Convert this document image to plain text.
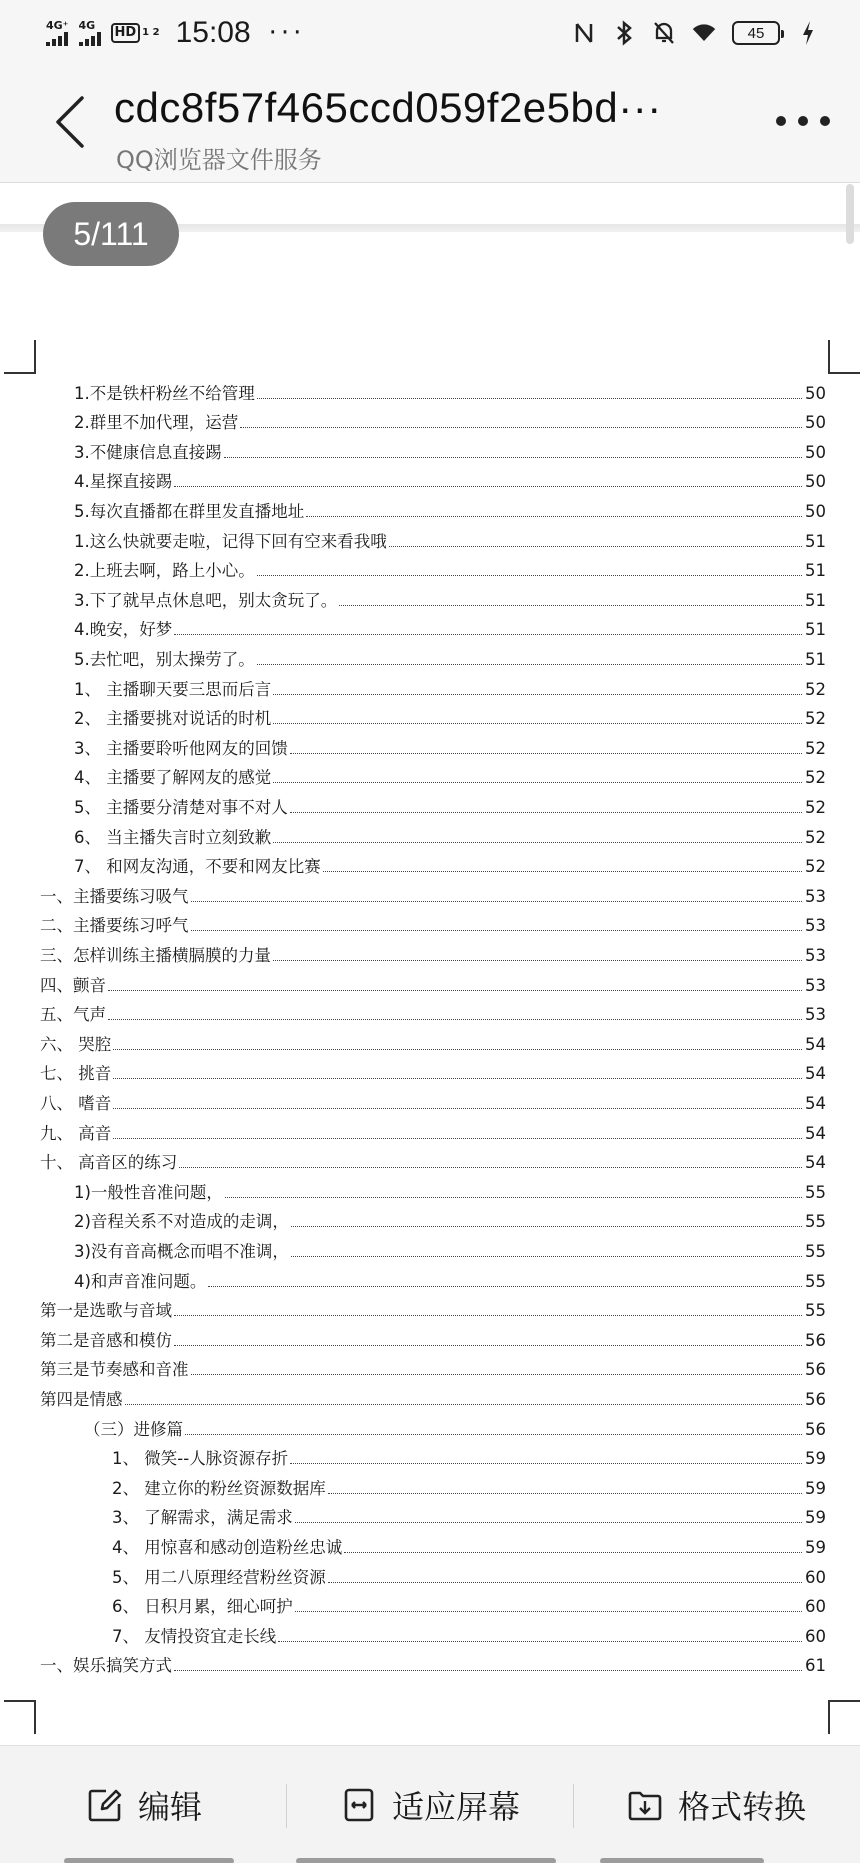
4G⁺ 4G	HD 1 2 15:08 ···	45
cdc8f57f465ccd059f2e5bd···
QQ浏览器文件服务
5/111
1.不是铁杆粉丝不给管理	50
2.群里不加代理，运营	50
3.不健康信息直接踢	50
4.星探直接踢	50
5.每次直播都在群里发直播地址	50
1.这么快就要走啦，记得下回有空来看我哦	51
2.上班去啊，路上小心。	51
3.下了就早点休息吧，别太贪玩了。	51
4.晚安，好梦	51
5.去忙吧，别太操劳了。	51
1、 主播聊天要三思而后言	52
2、 主播要挑对说话的时机	52
3、 主播要聆听他网友的回馈	52
4、 主播要了解网友的感觉	52
5、 主播要分清楚对事不对人	52
6、 当主播失言时立刻致歉	52
7、 和网友沟通，不要和网友比赛	52
一、主播要练习吸气	53
二、主播要练习呼气	53
三、怎样训练主播横膈膜的力量	53
四、颤音	53
五、气声	53
六、 哭腔	54
七、 挑音	54
八、 嗜音	54
九、 高音	54
十、 高音区的练习	54
1)一般性音准问题，	55
2)音程关系不对造成的走调，	55
3)没有音高概念而唱不准调，	55
4)和声音准问题。	55
第一是选歌与音域	55
第二是音感和模仿	56
第三是节奏感和音准	56
第四是情感	56
（三）进修篇	56
1、 微笑--人脉资源存折	59
2、 建立你的粉丝资源数据库	59
3、 了解需求，满足需求	59
4、 用惊喜和感动创造粉丝忠诚	59
5、 用二八原理经营粉丝资源	60
6、 日积月累，细心呵护	60
7、 友情投资宜走长线	60
一、娱乐搞笑方式	61
编辑	适应屏幕	格式转换
